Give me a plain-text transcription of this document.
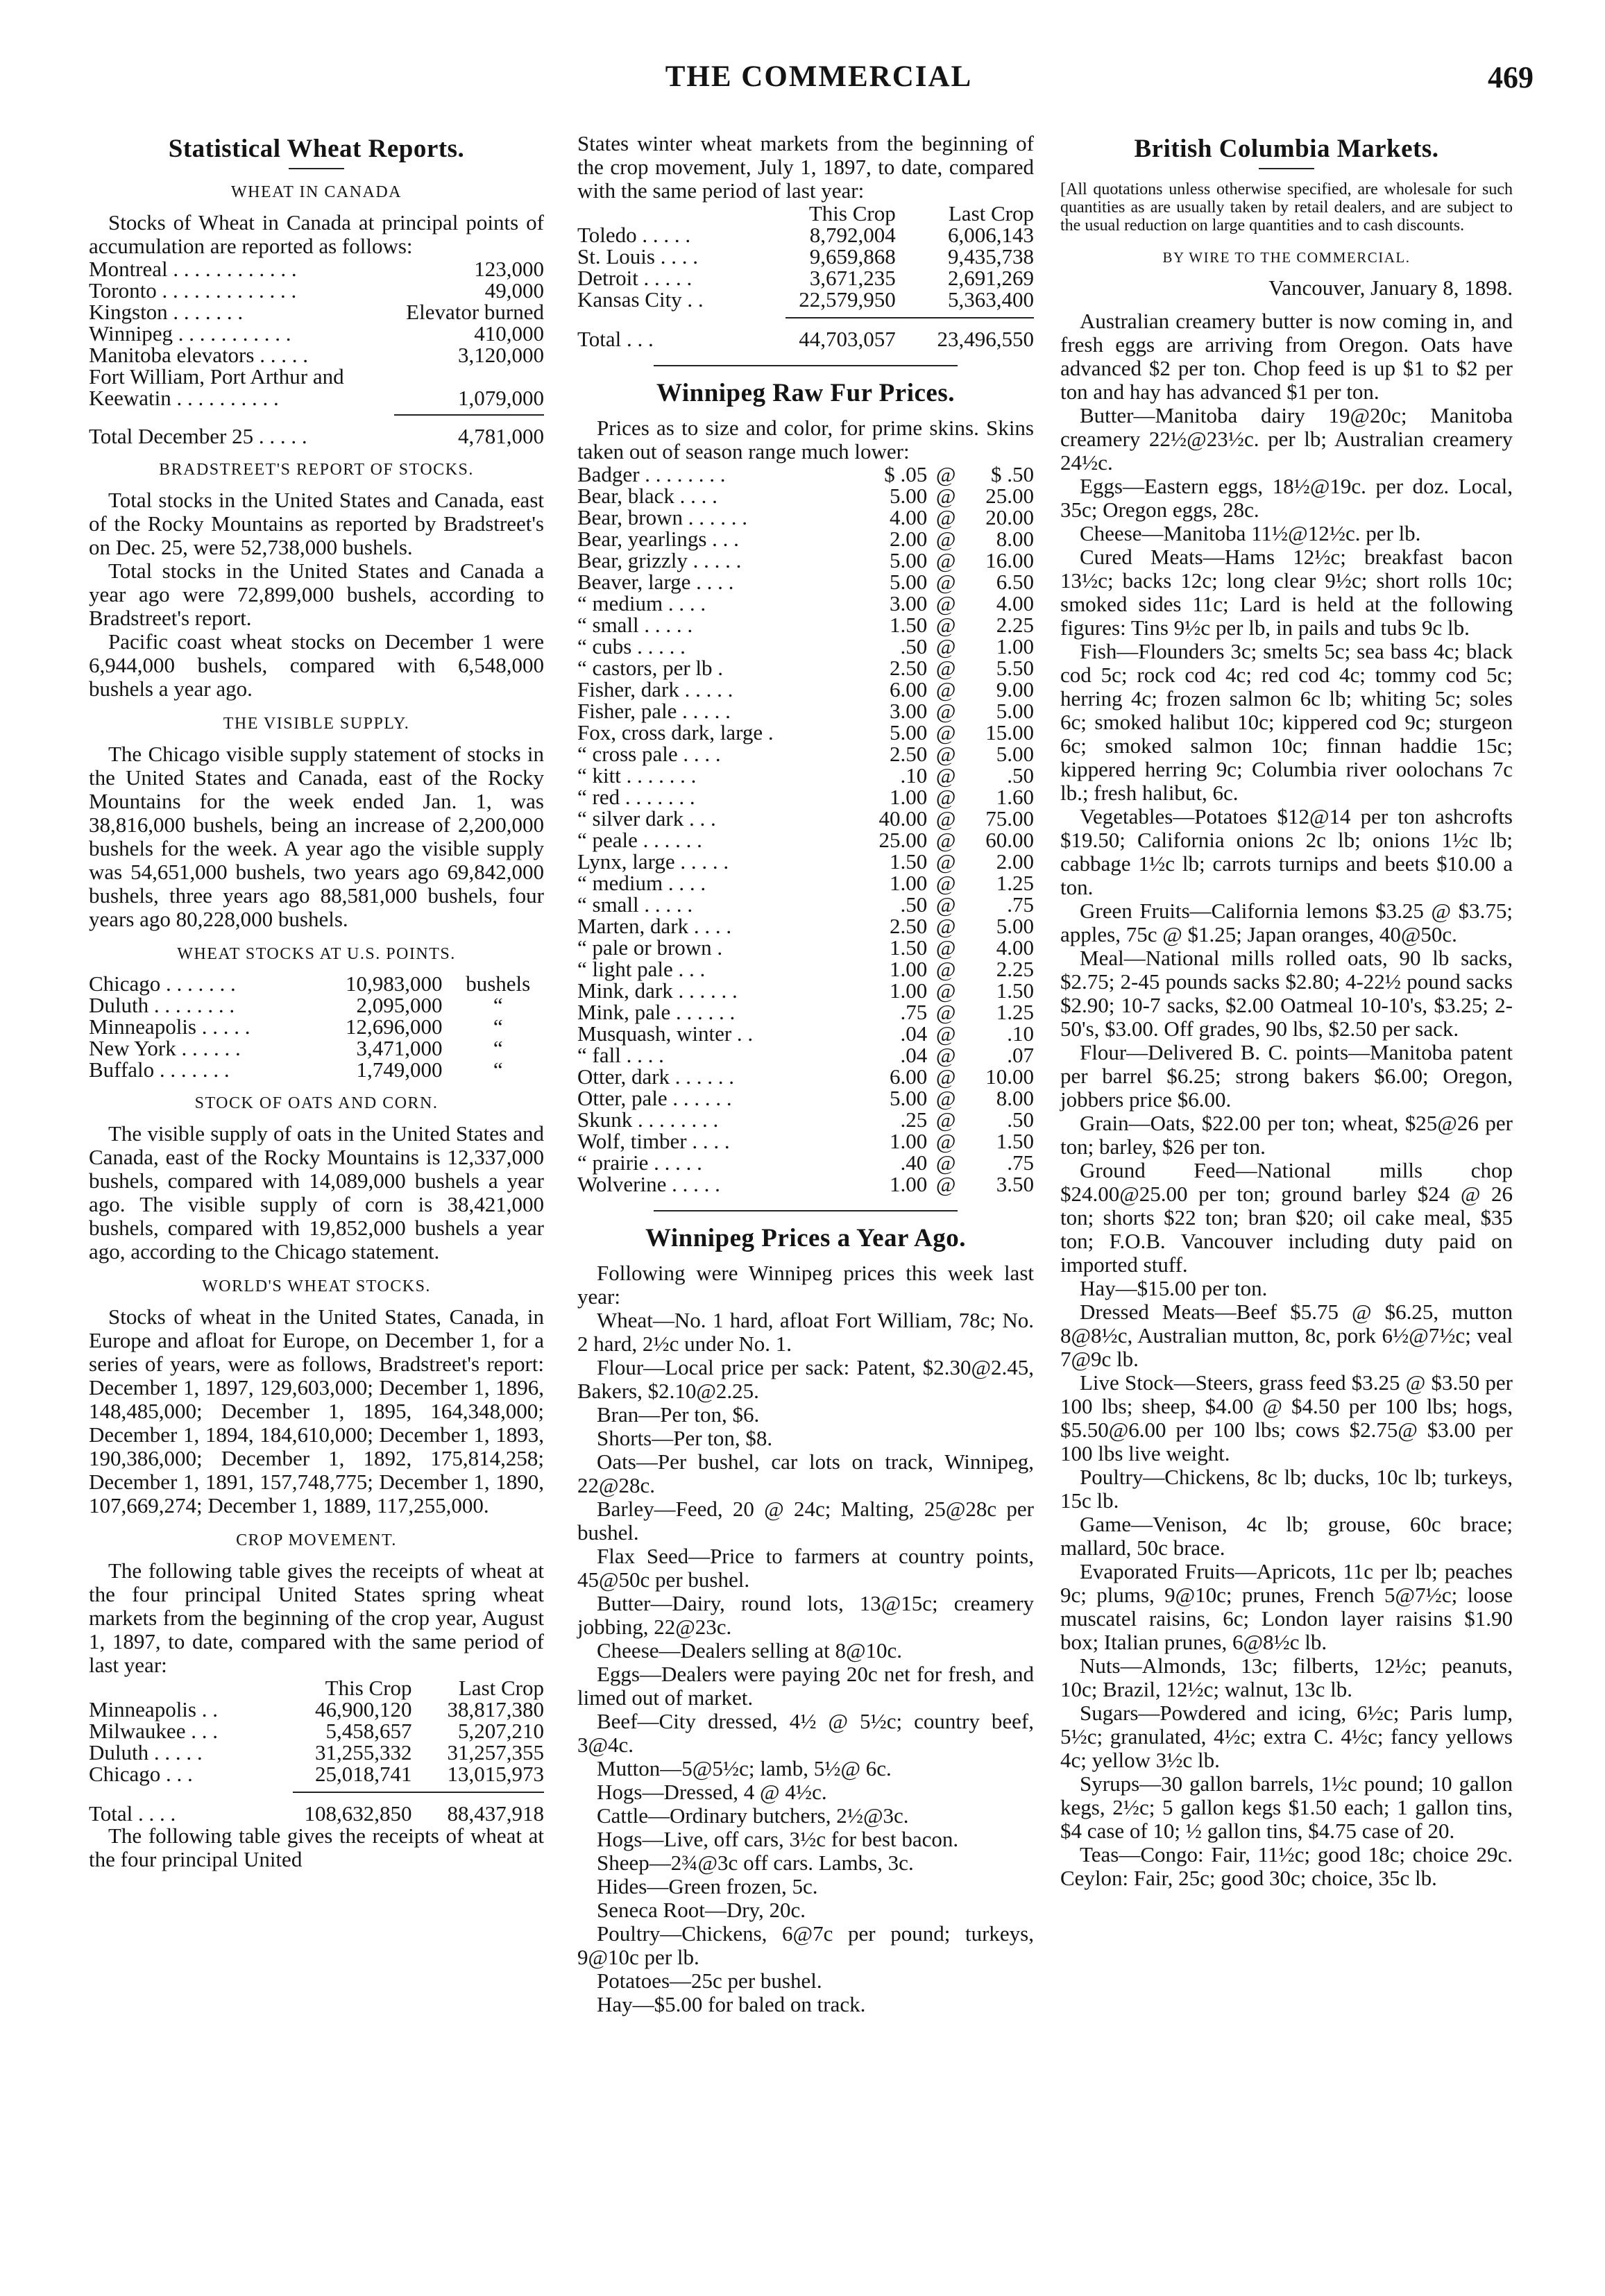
THE COMMERCIAL	469
Statistical Wheat Reports.
WHEAT IN CANADA

Stocks of Wheat in Canada at principal points of accumulation are reported as follows:

Montreal . . . . . . . . . . . .	123,000
Toronto . . . . . . . . . . . . .	49,000
Kingston . . . . . . .	Elevator burned
Winnipeg . . . . . . . . . . .	410,000
Manitoba elevators . . . . .	3,120,000
Fort William, Port Arthur and	
Keewatin . . . . . . . . . .	1,079,000
Total December 25 . . . . .	4,781,000
BRADSTREET'S REPORT OF STOCKS.

Total stocks in the United States and Canada, east of the Rocky Mountains as reported by Bradstreet's on Dec. 25, were 52,738,000 bushels.

Total stocks in the United States and Canada a year ago were 72,899,000 bushels, according to Bradstreet's report.

Pacific coast wheat stocks on December 1 were 6,944,000 bushels, compared with 6,548,000 bushels a year ago.

THE VISIBLE SUPPLY.

The Chicago visible supply statement of stocks in the United States and Canada, east of the Rocky Mountains for the week ended Jan. 1, was 38,816,000 bushels, being an increase of 2,200,000 bushels for the week. A year ago the visible supply was 54,651,000 bushels, two years ago 69,842,000 bushels, three years ago 88,581,000 bushels, four years ago 80,228,000 bushels.

WHEAT STOCKS AT U.S. POINTS.
Chicago . . . . . . .	10,983,000	bushels
Duluth . . . . . . . .	2,095,000	“
Minneapolis . . . . .	12,696,000	“
New York . . . . . .	3,471,000	“
Buffalo . . . . . . .	1,749,000	“
STOCK OF OATS AND CORN.

The visible supply of oats in the United States and Canada, east of the Rocky Mountains is 12,337,000 bushels, compared with 14,089,000 bushels a year ago. The visible supply of corn is 38,421,000 bushels, compared with 19,852,000 bushels a year ago, according to the Chicago statement.

WORLD'S WHEAT STOCKS.

Stocks of wheat in the United States, Canada, in Europe and afloat for Europe, on December 1, for a series of years, were as follows, Bradstreet's report: December 1, 1897, 129,603,000; December 1, 1896, 148,485,000; December 1, 1895, 164,348,000; December 1, 1894, 184,610,000; December 1, 1893, 190,386,000; December 1, 1892, 175,814,258; December 1, 1891, 157,748,775; December 1, 1890, 107,669,274; December 1, 1889, 117,255,000.

CROP MOVEMENT.

The following table gives the receipts of wheat at the four principal United States spring wheat markets from the beginning of the crop year, August 1, 1897, to date, compared with the same period of last year:

	This Crop	Last Crop
Minneapolis . .	46,900,120	38,817,380
Milwaukee . . .	5,458,657	5,207,210
Duluth . . . . .	31,255,332	31,257,355
Chicago . . .	25,018,741	13,015,973

Total . . . .	108,632,850	88,437,918

The following table gives the receipts of wheat at the four principal United

States winter wheat markets from the beginning of the crop movement, July 1, 1897, to date, compared with the same period of last year:

	This Crop	Last Crop
Toledo . . . . .	8,792,004	6,006,143
St. Louis . . . .	9,659,868	9,435,738
Detroit . . . . .	3,671,235	2,691,269
Kansas City . .	22,579,950	5,363,400

Total . . .	44,703,057	23,496,550
Winnipeg Raw Fur Prices.

Prices as to size and color, for prime skins. Skins taken out of season range much lower:

Badger . . . . . . . .	$ .05	@	$ .50
Bear, black . . . .	5.00	@	25.00
Bear, brown . . . . . .	4.00	@	20.00
Bear, yearlings . . .	2.00	@	8.00
Bear, grizzly . . . . .	5.00	@	16.00
Beaver, large . . . .	5.00	@	6.50
“ medium . . . .	3.00	@	4.00
“ small . . . . .	1.50	@	2.25
“ cubs . . . . .	.50	@	1.00
“ castors, per lb .	2.50	@	5.50
Fisher, dark . . . . .	6.00	@	9.00
Fisher, pale . . . . .	3.00	@	5.00
Fox, cross dark, large .	5.00	@	15.00
“ cross pale . . . .	2.50	@	5.00
“ kitt . . . . . . .	.10	@	.50
“ red . . . . . . .	1.00	@	1.60
“ silver dark . . .	40.00	@	75.00
“ peale . . . . . .	25.00	@	60.00
Lynx, large . . . . .	1.50	@	2.00
“ medium . . . .	1.00	@	1.25
“ small . . . . .	.50	@	.75
Marten, dark . . . .	2.50	@	5.00
“ pale or brown .	1.50	@	4.00
“ light pale . . .	1.00	@	2.25
Mink, dark . . . . . .	1.00	@	1.50
Mink, pale . . . . . .	.75	@	1.25
Musquash, winter . .	.04	@	.10
“ fall . . . .	.04	@	.07
Otter, dark . . . . . .	6.00	@	10.00
Otter, pale . . . . . .	5.00	@	8.00
Skunk . . . . . . . .	.25	@	.50
Wolf, timber . . . .	1.00	@	1.50
“ prairie . . . . .	.40	@	.75
Wolverine . . . . .	1.00	@	3.50
Winnipeg Prices a Year Ago.

Following were Winnipeg prices this week last year:

Wheat—No. 1 hard, afloat Fort William, 78c; No. 2 hard, 2½c under No. 1.

Flour—Local price per sack: Patent, $2.30@2.45, Bakers, $2.10@2.25.

Bran—Per ton, $6.

Shorts—Per ton, $8.

Oats—Per bushel, car lots on track, Winnipeg, 22@28c.

Barley—Feed, 20 @ 24c; Malting, 25@28c per bushel.

Flax Seed—Price to farmers at country points, 45@50c per bushel.

Butter—Dairy, round lots, 13@15c; creamery jobbing, 22@23c.

Cheese—Dealers selling at 8@10c.

Eggs—Dealers were paying 20c net for fresh, and limed out of market.

Beef—City dressed, 4½ @ 5½c; country beef, 3@4c.

Mutton—5@5½c; lamb, 5½@ 6c.

Hogs—Dressed, 4 @ 4½c.

Cattle—Ordinary butchers, 2½@3c.

Hogs—Live, off cars, 3½c for best bacon.

Sheep—2¾@3c off cars. Lambs, 3c.

Hides—Green frozen, 5c.

Seneca Root—Dry, 20c.

Poultry—Chickens, 6@7c per pound; turkeys, 9@10c per lb.

Potatoes—25c per bushel.

Hay—$5.00 for baled on track.

British Columbia Markets.

[All quotations unless otherwise specified, are wholesale for such quantities as are usually taken by retail dealers, and are subject to the usual reduction on large quantities and to cash discounts.

BY WIRE TO THE COMMERCIAL.
Vancouver, January 8, 1898.

Australian creamery butter is now coming in, and fresh eggs are arriving from Oregon. Oats have advanced $2 per ton. Chop feed is up $1 to $2 per ton and hay has advanced $1 per ton.

Butter—Manitoba dairy 19@20c; Manitoba creamery 22½@23½c. per lb; Australian creamery 24½c.

Eggs—Eastern eggs, 18½@19c. per doz. Local, 35c; Oregon eggs, 28c.

Cheese—Manitoba 11½@12½c. per lb.

Cured Meats—Hams 12½c; breakfast bacon 13½c; backs 12c; long clear 9½c; short rolls 10c; smoked sides 11c; Lard is held at the following figures: Tins 9½c per lb, in pails and tubs 9c lb.

Fish—Flounders 3c; smelts 5c; sea bass 4c; black cod 5c; rock cod 4c; red cod 4c; tommy cod 5c; herring 4c; frozen salmon 6c lb; whiting 5c; soles 6c; smoked halibut 10c; kippered cod 9c; sturgeon 6c; smoked salmon 10c; finnan haddie 15c; kippered herring 9c; Columbia river oolochans 7c lb.; fresh halibut, 6c.

Vegetables—Potatoes $12@14 per ton ashcrofts $19.50; California onions 2c lb; onions 1½c lb; cabbage 1½c lb; carrots turnips and beets $10.00 a ton.

Green Fruits—California lemons $3.25 @ $3.75; apples, 75c @ $1.25; Japan oranges, 40@50c.

Meal—National mills rolled oats, 90 lb sacks, $2.75; 2-45 pounds sacks $2.80; 4-22½ pound sacks $2.90; 10-7 sacks, $2.00 Oatmeal 10-10's, $3.25; 2-50's, $3.00. Off grades, 90 lbs, $2.50 per sack.

Flour—Delivered B. C. points—Manitoba patent per barrel $6.25; strong bakers $6.00; Oregon, jobbers price $6.00.

Grain—Oats, $22.00 per ton; wheat, $25@26 per ton; barley, $26 per ton.

Ground Feed—National mills chop $24.00@25.00 per ton; ground barley $24 @ 26 ton; shorts $22 ton; bran $20; oil cake meal, $35 ton; F.O.B. Vancouver including duty paid on imported stuff.

Hay—$15.00 per ton.

Dressed Meats—Beef $5.75 @ $6.25, mutton 8@8½c, Australian mutton, 8c, pork 6½@7½c; veal 7@9c lb.

Live Stock—Steers, grass feed $3.25 @ $3.50 per 100 lbs; sheep, $4.00 @ $4.50 per 100 lbs; hogs, $5.50@6.00 per 100 lbs; cows $2.75@ $3.00 per 100 lbs live weight.

Poultry—Chickens, 8c lb; ducks, 10c lb; turkeys, 15c lb.

Game—Venison, 4c lb; grouse, 60c brace; mallard, 50c brace.

Evaporated Fruits—Apricots, 11c per lb; peaches 9c; plums, 9@10c; prunes, French 5@7½c; loose muscatel raisins, 6c; London layer raisins $1.90 box; Italian prunes, 6@8½c lb.

Nuts—Almonds, 13c; filberts, 12½c; peanuts, 10c; Brazil, 12½c; walnut, 13c lb.

Sugars—Powdered and icing, 6½c; Paris lump, 5½c; granulated, 4½c; extra C. 4½c; fancy yellows 4c; yellow 3½c lb.

Syrups—30 gallon barrels, 1½c pound; 10 gallon kegs, 2½c; 5 gallon kegs $1.50 each; 1 gallon tins, $4 case of 10; ½ gallon tins, $4.75 case of 20.

Teas—Congo: Fair, 11½c; good 18c; choice 29c. Ceylon: Fair, 25c; good 30c; choice, 35c lb.
